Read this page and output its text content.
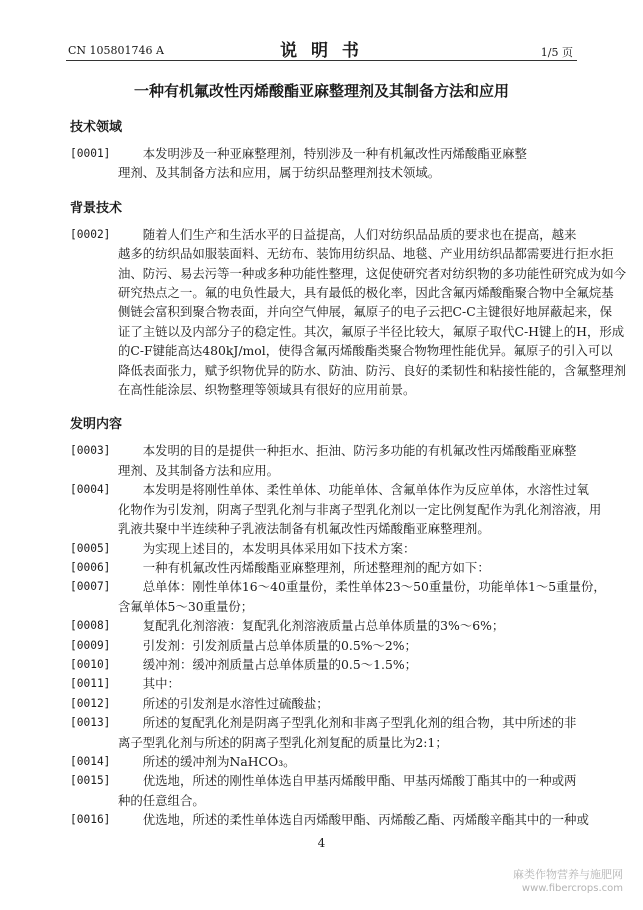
CN 105801746 A	说 明 书	1/5 页
一种有机氟改性丙烯酸酯亚麻整理剂及其制备方法和应用
技术领域
[0001] 　　本发明涉及一种亚麻整理剂，特别涉及一种有机氟改性丙烯酸酯亚麻整
理剂、及其制备方法和应用，属于纺织品整理剂技术领域。
背景技术
[0002] 　　随着人们生产和生活水平的日益提高，人们对纺织品品质的要求也在提高，越来
越多的纺织品如服装面料、无纺布、装饰用纺织品、地毯、产业用纺织品都需要进行拒水拒
油、防污、易去污等一种或多种功能性整理，这促使研究者对纺织物的多功能性研究成为如今
研究热点之一。氟的电负性最大，具有最低的极化率，因此含氟丙烯酸酯聚合物中全氟烷基
侧链会富积到聚合物表面，并向空气伸展，氟原子的电子云把C-C主键很好地屏蔽起来，保
证了主链以及内部分子的稳定性。其次，氟原子半径比较大，氟原子取代C-H键上的H，形成
的C-F键能高达480kJ/mol，使得含氟丙烯酸酯类聚合物物理性能优异。氟原子的引入可以
降低表面张力，赋予织物优异的防水、防油、防污、良好的柔韧性和粘接性能的，含氟整理剂
在高性能涂层、织物整理等领域具有很好的应用前景。
发明内容
[0003] 　　本发明的目的是提供一种拒水、拒油、防污多功能的有机氟改性丙烯酸酯亚麻整
理剂、及其制备方法和应用。
[0004] 　　本发明是将刚性单体、柔性单体、功能单体、含氟单体作为反应单体，水溶性过氧
化物作为引发剂，阴离子型乳化剂与非离子型乳化剂以一定比例复配作为乳化剂溶液，用
乳液共聚中半连续种子乳液法制备有机氟改性丙烯酸酯亚麻整理剂。
[0005] 　　为实现上述目的，本发明具体采用如下技术方案：
[0006] 　　一种有机氟改性丙烯酸酯亚麻整理剂，所述整理剂的配方如下：
[0007] 　　总单体：刚性单体16～40重量份，柔性单体23～50重量份，功能单体1～5重量份，
含氟单体5～30重量份；
[0008] 　　复配乳化剂溶液：复配乳化剂溶液质量占总单体质量的3%～6%；
[0009] 　　引发剂：引发剂质量占总单体质量的0.5%～2%；
[0010] 　　缓冲剂：缓冲剂质量占总单体质量的0.5～1.5%；
[0011] 　　其中：
[0012] 　　所述的引发剂是水溶性过硫酸盐；
[0013] 　　所述的复配乳化剂是阴离子型乳化剂和非离子型乳化剂的组合物，其中所述的非
离子型乳化剂与所述的阴离子型乳化剂复配的质量比为2:1；
[0014] 　　所述的缓冲剂为NaHCO₃。
[0015] 　　优选地，所述的刚性单体选自甲基丙烯酸甲酯、甲基丙烯酸丁酯其中的一种或两
种的任意组合。
[0016] 　　优选地，所述的柔性单体选自丙烯酸甲酯、丙烯酸乙酯、丙烯酸辛酯其中的一种或
4
麻类作物营养与施肥网
www.fibercrops.com
